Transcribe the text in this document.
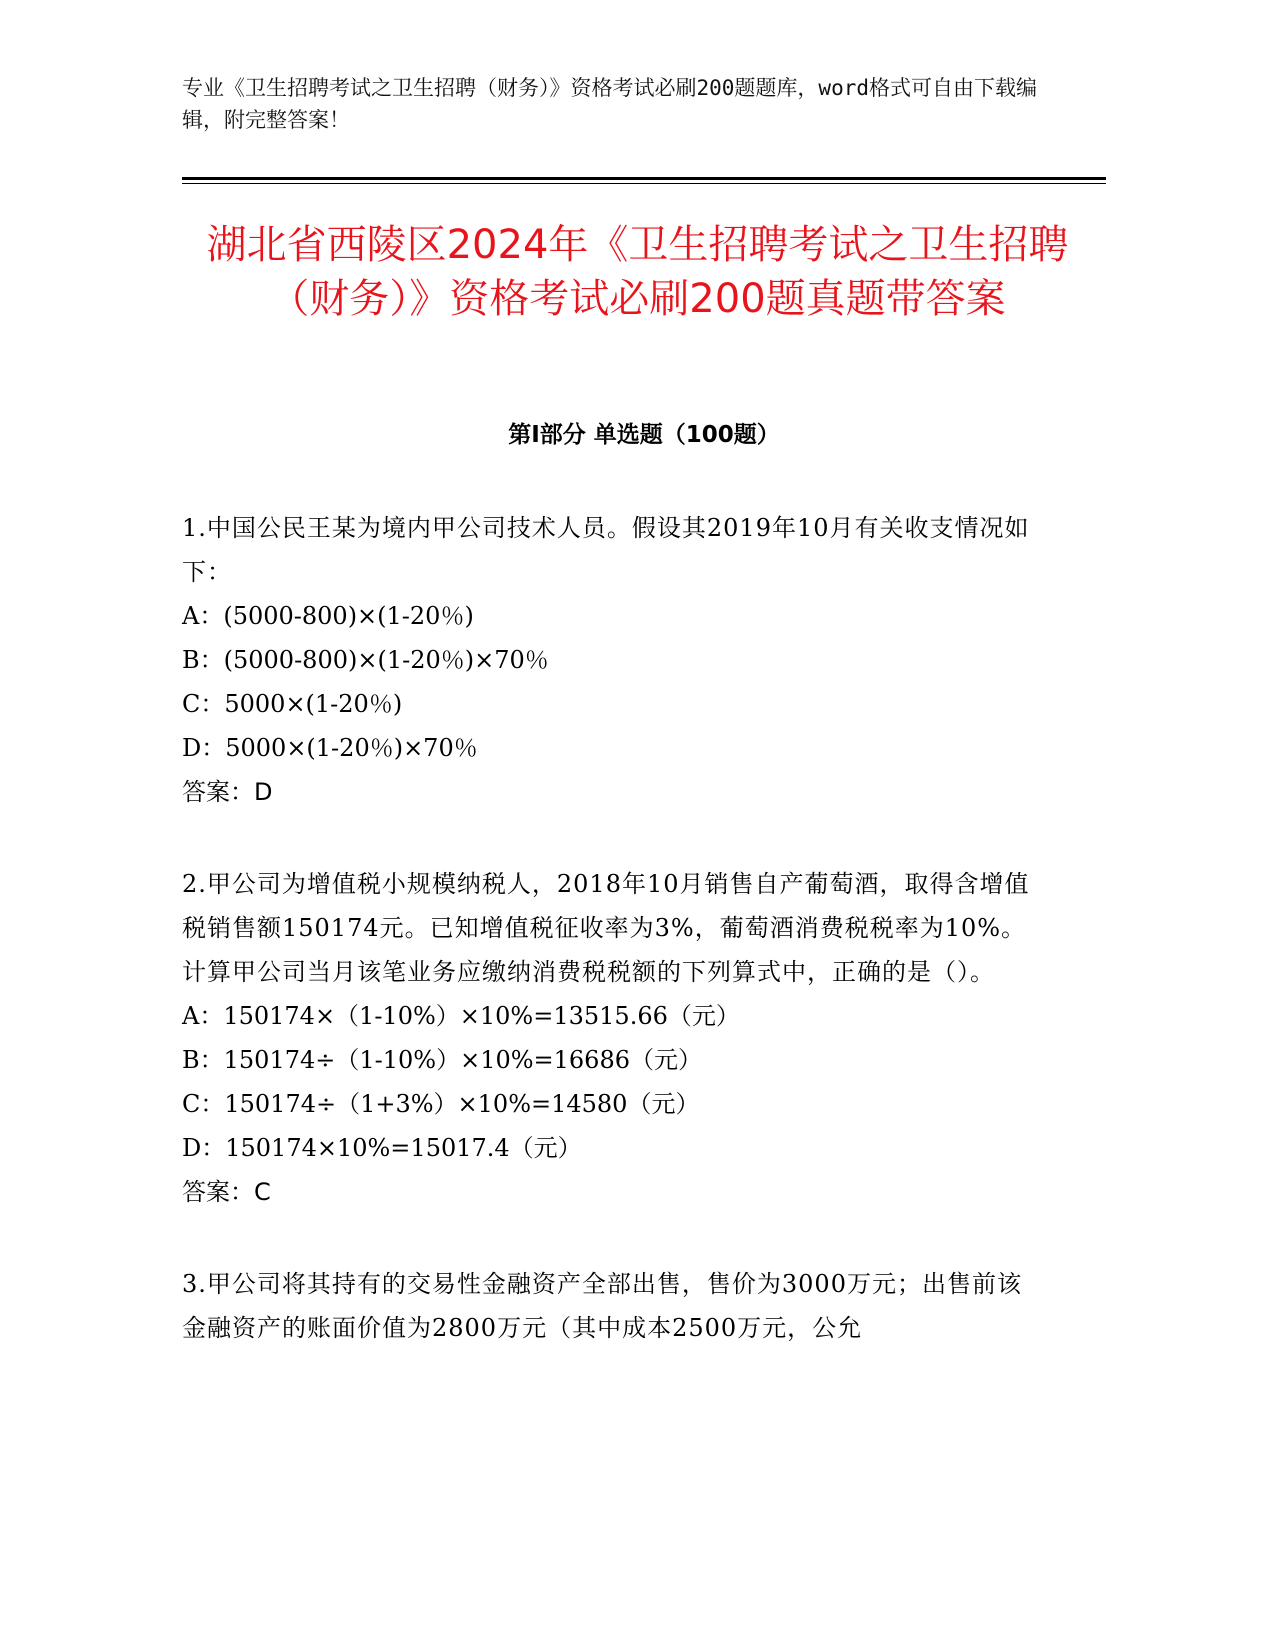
专业《卫生招聘考试之卫生招聘（财务）》资格考试必刷200题题库，word格式可自由下载编辑，附完整答案！
湖北省西陵区2024年《卫生招聘考试之卫生招聘（财务）》资格考试必刷200题真题带答案
第Ⅰ部分 单选题（100题）
1.中国公民王某为境内甲公司技术人员。假设其2019年10月有关收支情况如下：
A：(5000-800)×(1-20％)
B：(5000-800)×(1-20％)×70％
C：5000×(1-20％)
D：5000×(1-20％)×70％
答案：D
2.甲公司为增值税小规模纳税人，2018年10月销售自产葡萄酒，取得含增值税销售额150174元。已知增值税征收率为3%，葡萄酒消费税税率为10%。计算甲公司当月该笔业务应缴纳消费税税额的下列算式中，正确的是（）。
A：150174×（1-10%）×10%=13515.66（元）
B：150174÷（1-10%）×10%=16686（元）
C：150174÷（1+3%）×10%=14580（元）
D：150174×10%=15017.4（元）
答案：C
3.甲公司将其持有的交易性金融资产全部出售，售价为3000万元；出售前该金融资产的账面价值为2800万元（其中成本2500万元，公允
